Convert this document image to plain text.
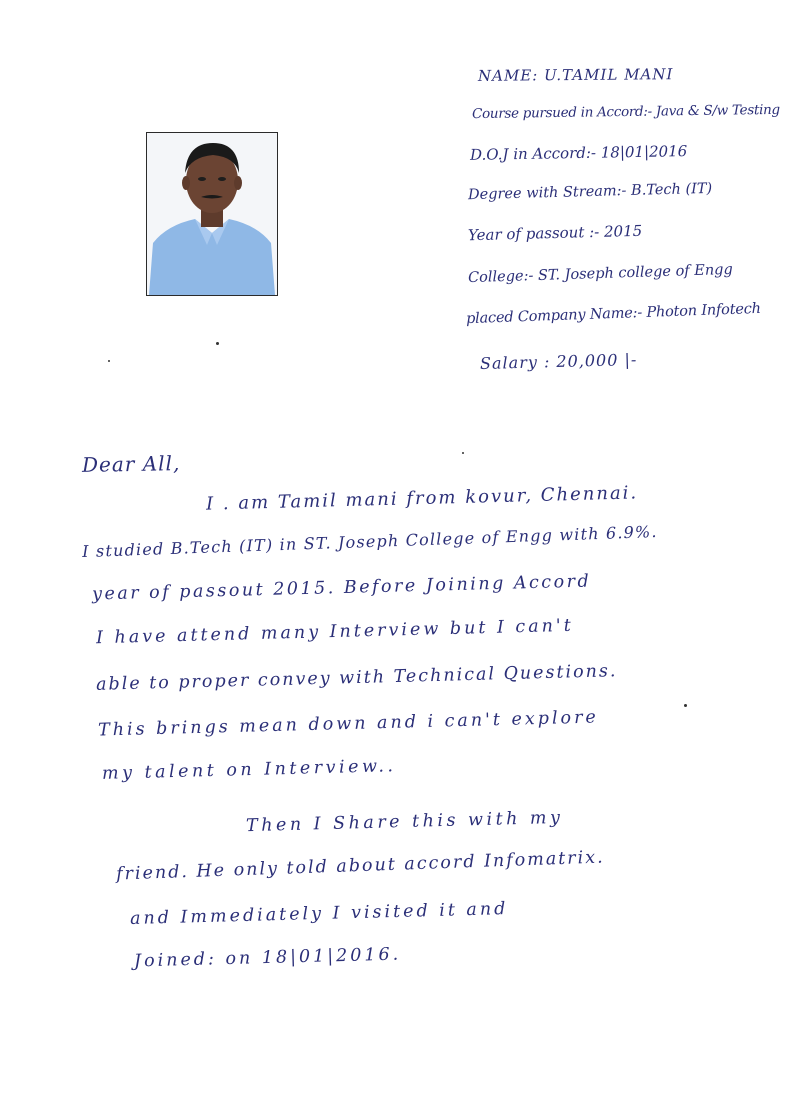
NAME: U.TAMIL MANI
Course pursued in Accord:- Java & S/w Testing
D.O.J in Accord:- 18|01|2016
Degree with Stream:- B.Tech (IT)
Year of passout :- 2015
College:- ST. Joseph college of Engg
placed Company Name:- Photon Infotech
Salary : 20,000 |-
Dear All,
I . am Tamil mani from kovur, Chennai.
I studied B.Tech (IT) in ST. Joseph College of Engg with 6.9%.
year of passout 2015. Before Joining Accord
I have attend many Interview but I can't
able to proper convey with Technical Questions.
This brings mean down and i can't explore
my talent on Interview..
Then I Share this with my
friend. He only told about accord Infomatrix.
and Immediately I visited it and
Joined: on 18|01|2016.
